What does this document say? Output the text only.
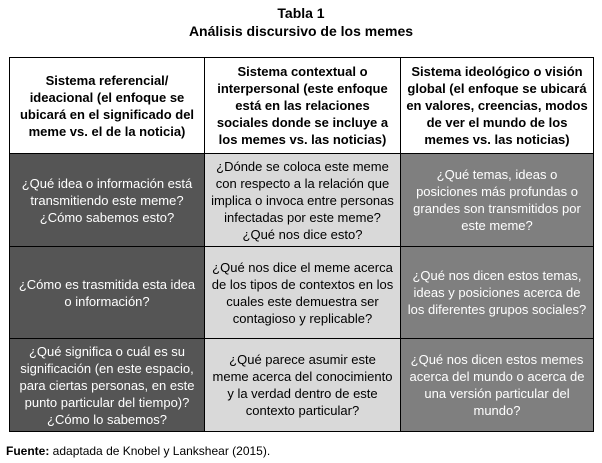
Tabla 1
Análisis discursivo de los memes
Sistema referencial/ ideacional (el enfoque se ubicará en el significado del meme vs. el de la noticia)	Sistema contextual o interpersonal (este enfoque está en las relaciones sociales donde se incluye a los memes vs. las noticias)	Sistema ideológico o visión global (el enfoque se ubicará en valores, creencias, modos de ver el mundo de los memes vs. las noticias)
¿Qué idea o información está transmitiendo este meme? ¿Cómo sabemos esto?	¿Dónde se coloca este meme con respecto a la relación que implica o invoca entre personas infectadas por este meme? ¿Qué nos dice esto?	¿Qué temas, ideas o posiciones más profundas o grandes son transmitidos por este meme?
¿Cómo es trasmitida esta idea o información?	¿Qué nos dice el meme acerca de los tipos de contextos en los cuales este demuestra ser contagioso y replicable?	¿Qué nos dicen estos temas, ideas y posiciones acerca de los diferentes grupos sociales?
¿Qué significa o cuál es su significación (en este espacio, para ciertas personas, en este punto particular del tiempo)? ¿Cómo lo sabemos?	¿Qué parece asumir este meme acerca del conocimiento y la verdad dentro de este contexto particular?	¿Qué nos dicen estos memes acerca del mundo o acerca de una versión particular del mundo?
Fuente: adaptada de Knobel y Lankshear (2015).
